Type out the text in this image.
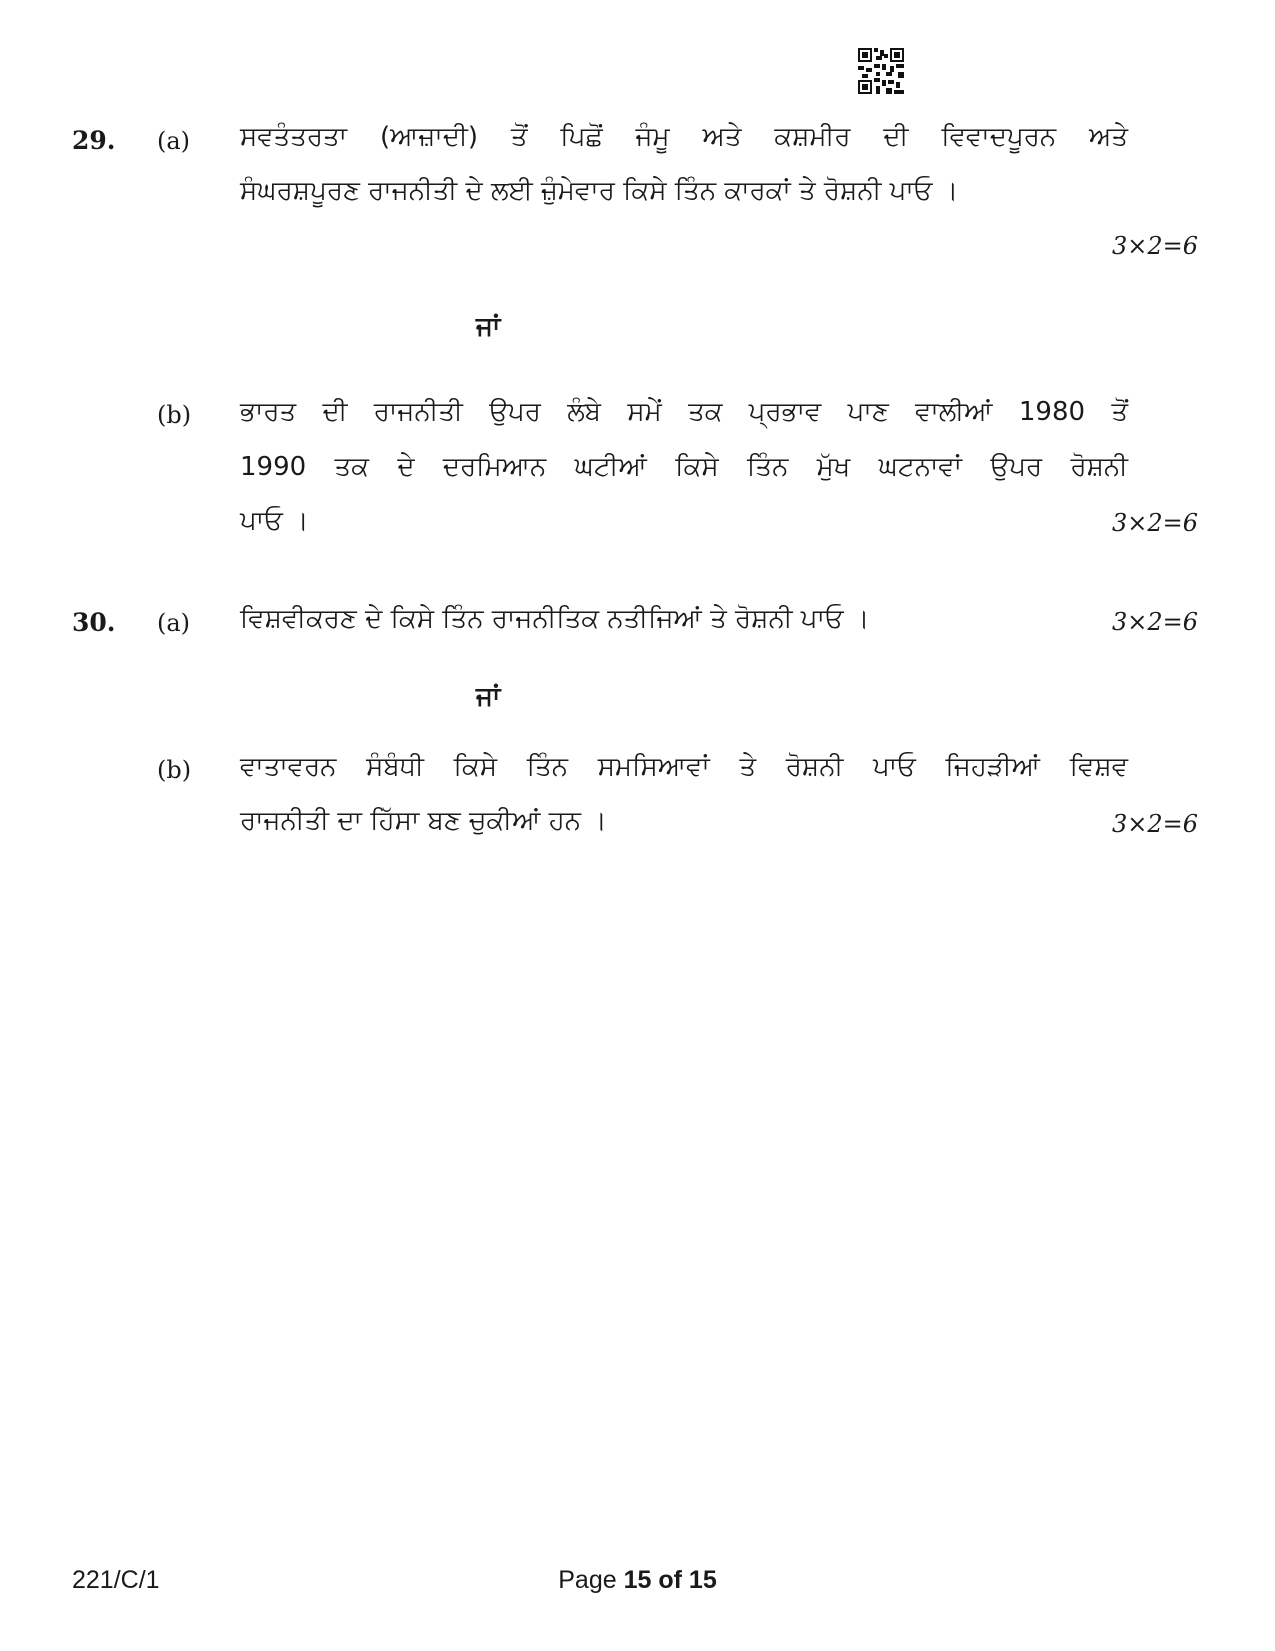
29. (a) ਸਵਤੰਤਰਤਾ (ਆਜ਼ਾਦੀ) ਤੋਂ ਪਿਛੋਂ ਜੰਮੂ ਅਤੇ ਕਸ਼ਮੀਰ ਦੀ ਵਿਵਾਦਪੂਰਨ ਅਤੇ
ਸੰਘਰਸ਼ਪੂਰਣ ਰਾਜਨੀਤੀ ਦੇ ਲਈ ਜ਼ੁੰਮੇਵਾਰ ਕਿਸੇ ਤਿੰਨ ਕਾਰਕਾਂ ਤੇ ਰੋਸ਼ਨੀ ਪਾਓ ।
3×2=6
ਜਾਂ
(b) ਭਾਰਤ ਦੀ ਰਾਜਨੀਤੀ ਉਪਰ ਲੰਬੇ ਸਮੇਂ ਤਕ ਪ੍ਰਭਾਵ ਪਾਣ ਵਾਲੀਆਂ 1980 ਤੋਂ
1990 ਤਕ ਦੇ ਦਰਮਿਆਨ ਘਟੀਆਂ ਕਿਸੇ ਤਿੰਨ ਮੁੱਖ ਘਟਨਾਵਾਂ ਉਪਰ ਰੋਸ਼ਨੀ
ਪਾਓ ।	3×2=6
30. (a) ਵਿਸ਼ਵੀਕਰਣ ਦੇ ਕਿਸੇ ਤਿੰਨ ਰਾਜਨੀਤਿਕ ਨਤੀਜਿਆਂ ਤੇ ਰੋਸ਼ਨੀ ਪਾਓ ।	3×2=6
ਜਾਂ
(b) ਵਾਤਾਵਰਨ ਸੰਬੰਧੀ ਕਿਸੇ ਤਿੰਨ ਸਮਸਿਆਵਾਂ ਤੇ ਰੋਸ਼ਨੀ ਪਾਓ ਜਿਹੜੀਆਂ ਵਿਸ਼ਵ
ਰਾਜਨੀਤੀ ਦਾ ਹਿੱਸਾ ਬਣ ਚੁਕੀਆਂ ਹਨ ।	3×2=6
221/C/1	Page 15 of 15
